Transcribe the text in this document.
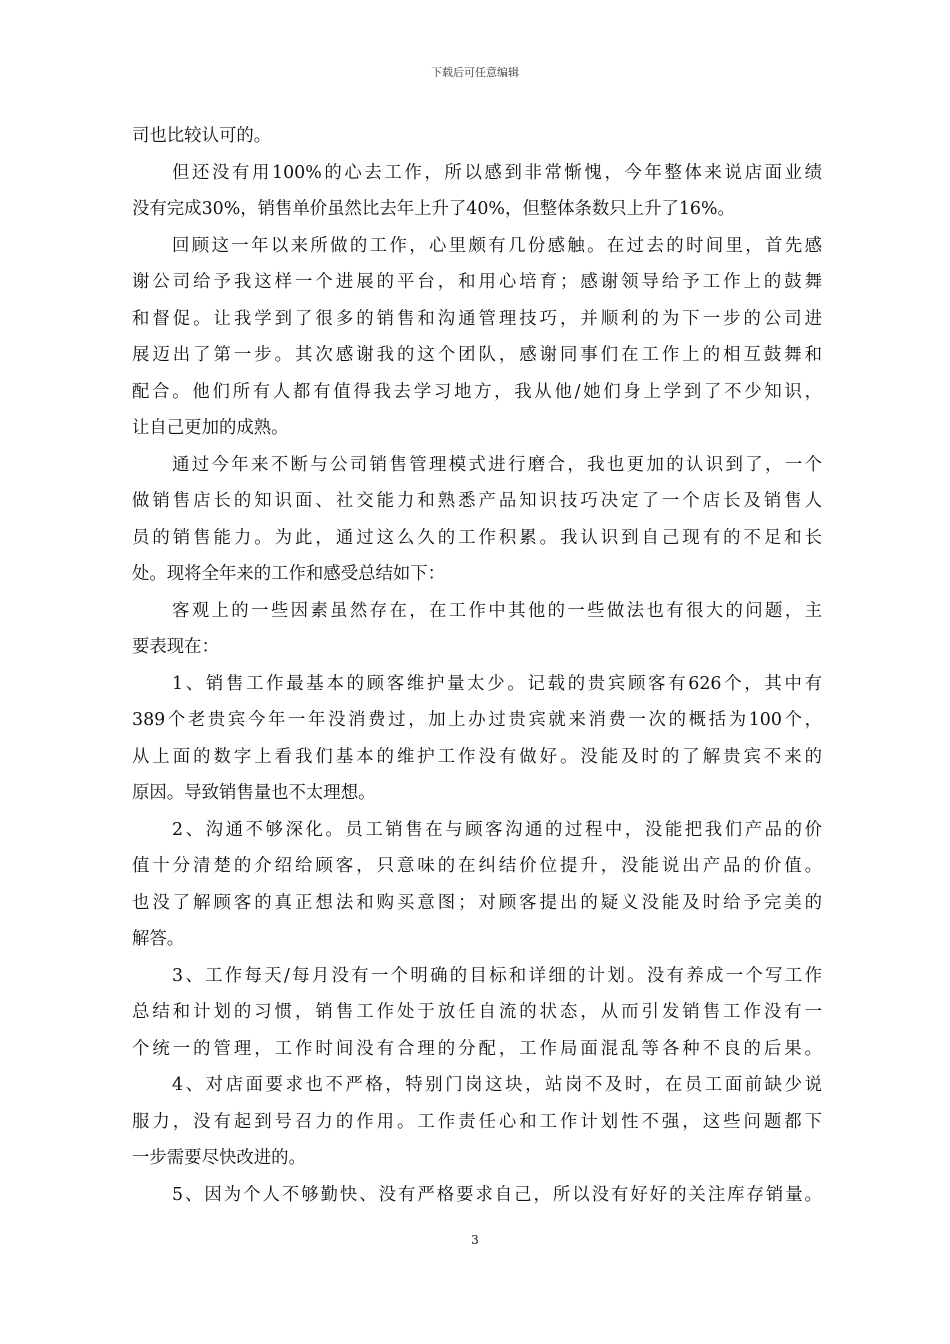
下载后可任意编辑
司也比较认可的。
但还没有用100%的心去工作，所以感到非常惭愧，今年整体来说店面业绩
没有完成30%，销售单价虽然比去年上升了40%，但整体条数只上升了16%。
回顾这一年以来所做的工作，心里颇有几份感触。在过去的时间里，首先感
谢公司给予我这样一个进展的平台，和用心培育；感谢领导给予工作上的鼓舞
和督促。让我学到了很多的销售和沟通管理技巧，并顺利的为下一步的公司进
展迈出了第一步。其次感谢我的这个团队，感谢同事们在工作上的相互鼓舞和
配合。他们所有人都有值得我去学习地方，我从他/她们身上学到了不少知识，
让自己更加的成熟。
通过今年来不断与公司销售管理模式进行磨合，我也更加的认识到了，一个
做销售店长的知识面、社交能力和熟悉产品知识技巧决定了一个店长及销售人
员的销售能力。为此，通过这么久的工作积累。我认识到自己现有的不足和长
处。现将全年来的工作和感受总结如下：
客观上的一些因素虽然存在，在工作中其他的一些做法也有很大的问题，主
要表现在：
1、销售工作最基本的顾客维护量太少。记载的贵宾顾客有626个，其中有
389个老贵宾今年一年没消费过，加上办过贵宾就来消费一次的概括为100个，
从上面的数字上看我们基本的维护工作没有做好。没能及时的了解贵宾不来的
原因。导致销售量也不太理想。
2、沟通不够深化。员工销售在与顾客沟通的过程中，没能把我们产品的价
值十分清楚的介绍给顾客，只意味的在纠结价位提升，没能说出产品的价值。
也没了解顾客的真正想法和购买意图；对顾客提出的疑义没能及时给予完美的
解答。
3、工作每天/每月没有一个明确的目标和详细的计划。没有养成一个写工作
总结和计划的习惯，销售工作处于放任自流的状态，从而引发销售工作没有一
个统一的管理，工作时间没有合理的分配，工作局面混乱等各种不良的后果。
4、对店面要求也不严格，特别门岗这块，站岗不及时，在员工面前缺少说
服力，没有起到号召力的作用。工作责任心和工作计划性不强，这些问题都下
一步需要尽快改进的。
5、因为个人不够勤快、没有严格要求自己，所以没有好好的关注库存销量。
3
